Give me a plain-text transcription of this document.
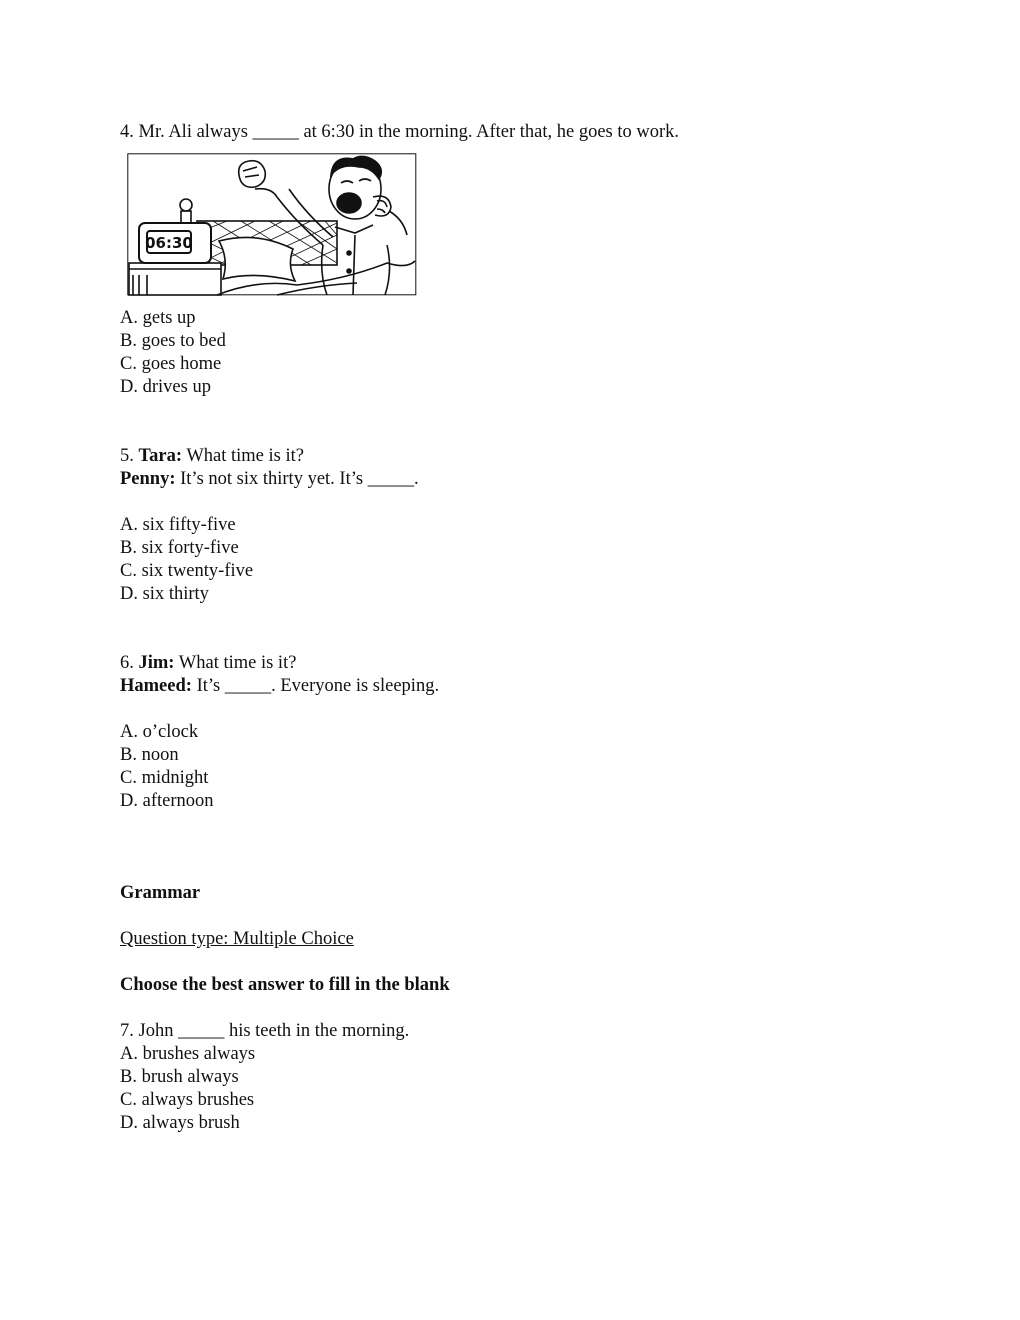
4. Mr. Ali always _____ at 6:30 in the morning. After that, he goes to work.
06:30
A. gets up
B. goes to bed
C. goes home
D. drives up
5. Tara: What time is it?
Penny: It’s not six thirty yet. It’s _____.
A. six fifty-five
B. six forty-five
C. six twenty-five
D. six thirty
6. Jim: What time is it?
Hameed: It’s _____. Everyone is sleeping.
A. o’clock
B. noon
C. midnight
D. afternoon
Grammar
Question type: Multiple Choice
Choose the best answer to fill in the blank
7. John _____ his teeth in the morning.
A. brushes always
B. brush always
C. always brushes
D. always brush
